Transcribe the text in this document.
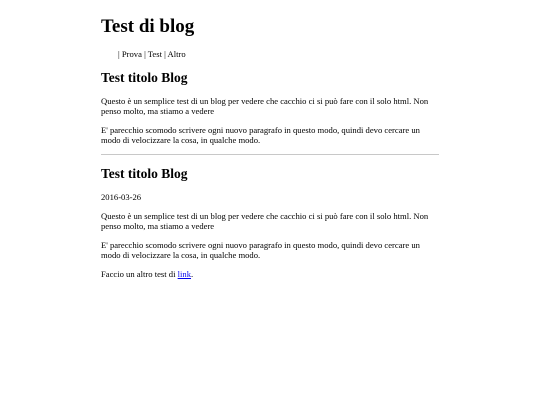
Test di blog
| Prova | Test | Altro
Test titolo Blog

Questo è un semplice test di un blog per vedere che cacchio ci si può fare con il solo html. Non penso molto, ma stiamo a vedere

E' parecchio scomodo scrivere ogni nuovo paragrafo in questo modo, quindi devo cercare un modo di velocizzare la cosa, in qualche modo.

Test titolo Blog

2016-03-26

Questo è un semplice test di un blog per vedere che cacchio ci si può fare con il solo html. Non penso molto, ma stiamo a vedere

E' parecchio scomodo scrivere ogni nuovo paragrafo in questo modo, quindi devo cercare un modo di velocizzare la cosa, in qualche modo.

Faccio un altro test di link.
